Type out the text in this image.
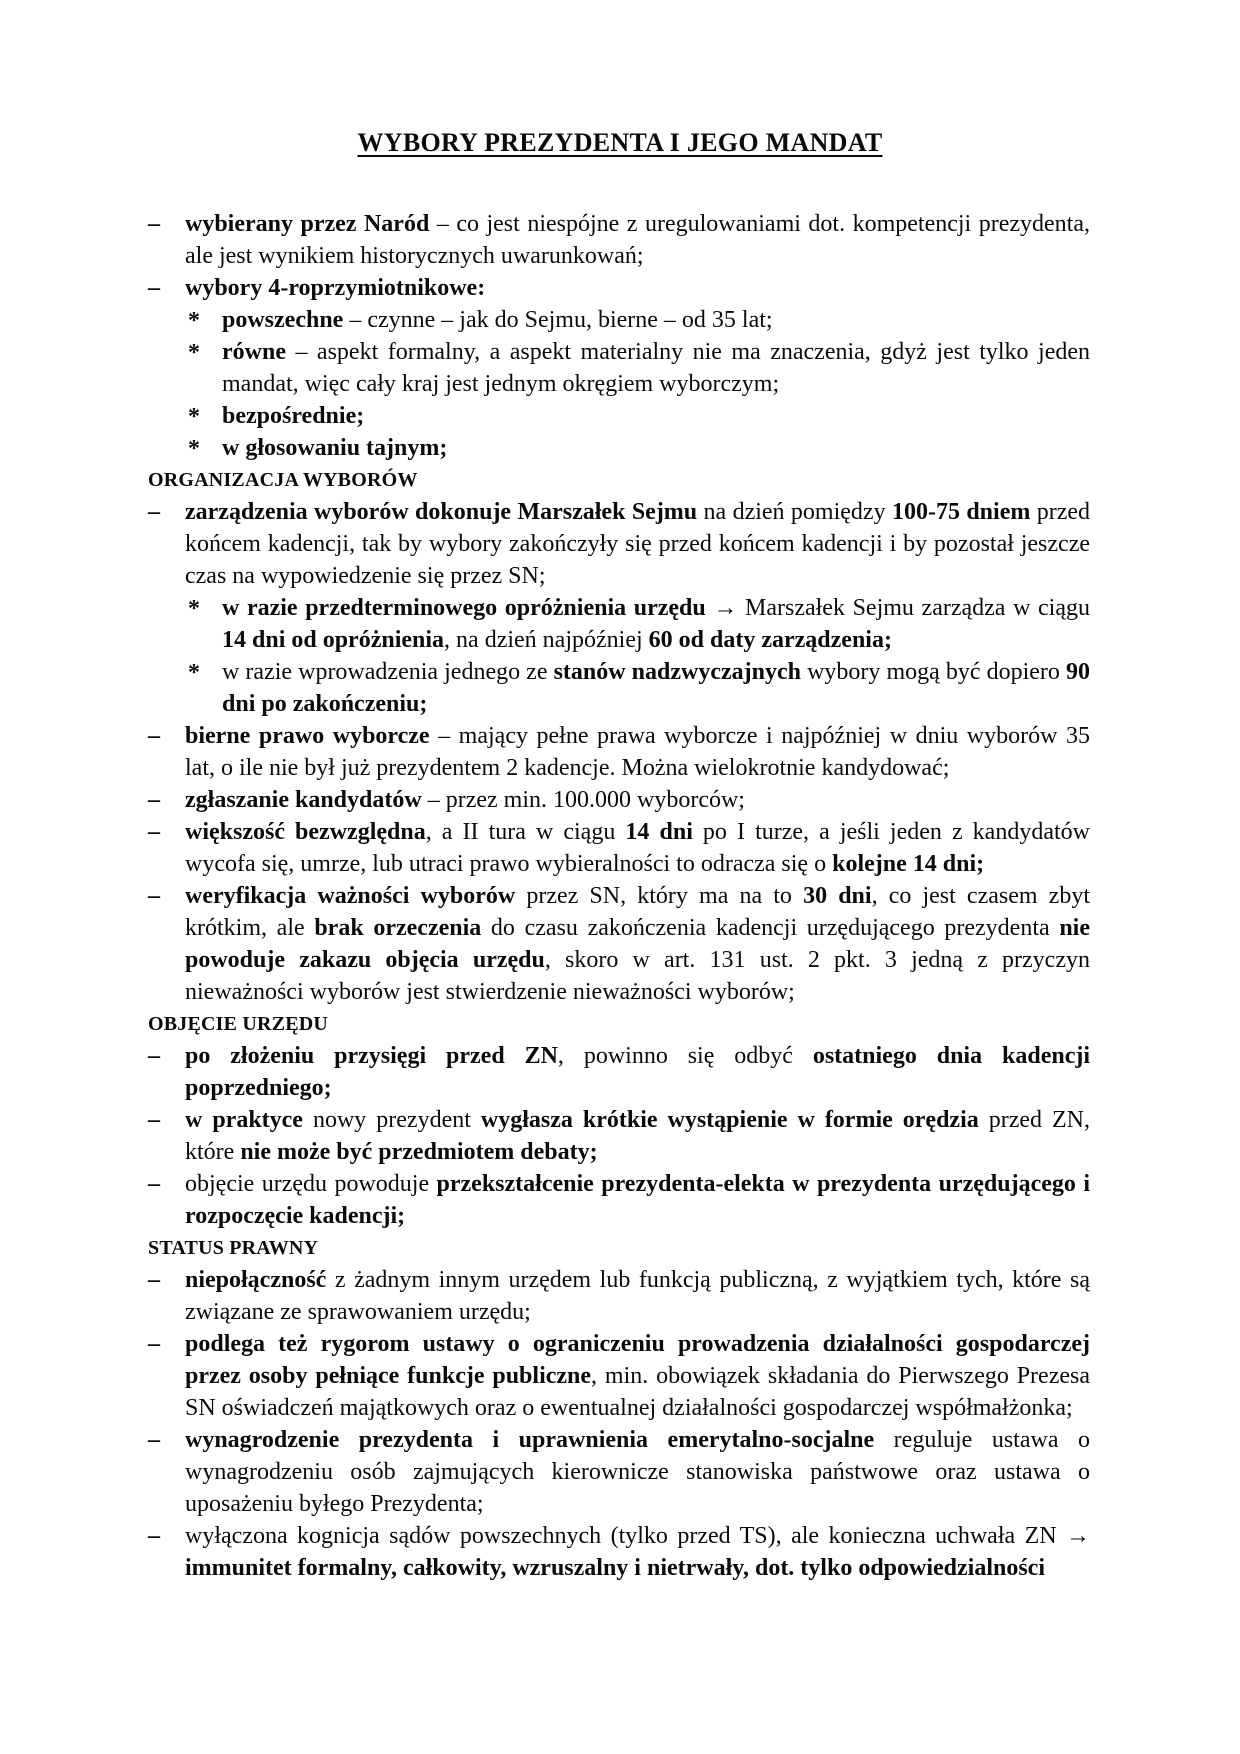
WYBORY PREZYDENTA I JEGO MANDAT
– wybierany przez Naród – co jest niespójne z uregulowaniami dot. kompetencji prezydenta, ale jest wynikiem historycznych uwarunkowań;
– wybory 4-roprzymiotnikowe:
* powszechne – czynne – jak do Sejmu, bierne – od 35 lat;
* równe – aspekt formalny, a aspekt materialny nie ma znaczenia, gdyż jest tylko jeden mandat, więc cały kraj jest jednym okręgiem wyborczym;
* bezpośrednie;
* w głosowaniu tajnym;
ORGANIZACJA WYBORÓW
– zarządzenia wyborów dokonuje Marszałek Sejmu na dzień pomiędzy 100-75 dniem przed końcem kadencji, tak by wybory zakończyły się przed końcem kadencji i by pozostał jeszcze czas na wypowiedzenie się przez SN;
* w razie przedterminowego opróżnienia urzędu → Marszałek Sejmu zarządza w ciągu 14 dni od opróżnienia, na dzień najpóźniej 60 od daty zarządzenia;
* w razie wprowadzenia jednego ze stanów nadzwyczajnych wybory mogą być dopiero 90 dni po zakończeniu;
– bierne prawo wyborcze – mający pełne prawa wyborcze i najpóźniej w dniu wyborów 35 lat, o ile nie był już prezydentem 2 kadencje. Można wielokrotnie kandydować;
– zgłaszanie kandydatów – przez min. 100.000 wyborców;
– większość bezwzględna, a II tura w ciągu 14 dni po I turze, a jeśli jeden z kandydatów wycofa się, umrze, lub utraci prawo wybieralności to odracza się o kolejne 14 dni;
– weryfikacja ważności wyborów przez SN, który ma na to 30 dni, co jest czasem zbyt krótkim, ale brak orzeczenia do czasu zakończenia kadencji urzędującego prezydenta nie powoduje zakazu objęcia urzędu, skoro w art. 131 ust. 2 pkt. 3 jedną z przyczyn nieważności wyborów jest stwierdzenie nieważności wyborów;
OBJĘCIE URZĘDU
– po złożeniu przysięgi przed ZN, powinno się odbyć ostatniego dnia kadencji poprzedniego;
– w praktyce nowy prezydent wygłasza krótkie wystąpienie w formie orędzia przed ZN, które nie może być przedmiotem debaty;
– objęcie urzędu powoduje przekształcenie prezydenta-elekta w prezydenta urzędującego i rozpoczęcie kadencji;
STATUS PRAWNY
– niepołączność z żadnym innym urzędem lub funkcją publiczną, z wyjątkiem tych, które są związane ze sprawowaniem urzędu;
– podlega też rygorom ustawy o ograniczeniu prowadzenia działalności gospodarczej przez osoby pełniące funkcje publiczne, min. obowiązek składania do Pierwszego Prezesa SN oświadczeń majątkowych oraz o ewentualnej działalności gospodarczej współmałżonka;
– wynagrodzenie prezydenta i uprawnienia emerytalno-socjalne reguluje ustawa o wynagrodzeniu osób zajmujących kierownicze stanowiska państwowe oraz ustawa o uposażeniu byłego Prezydenta;
– wyłączona kognicja sądów powszechnych (tylko przed TS), ale konieczna uchwała ZN → immunitet formalny, całkowity, wzruszalny i nietrwały, dot. tylko odpowiedzialności
